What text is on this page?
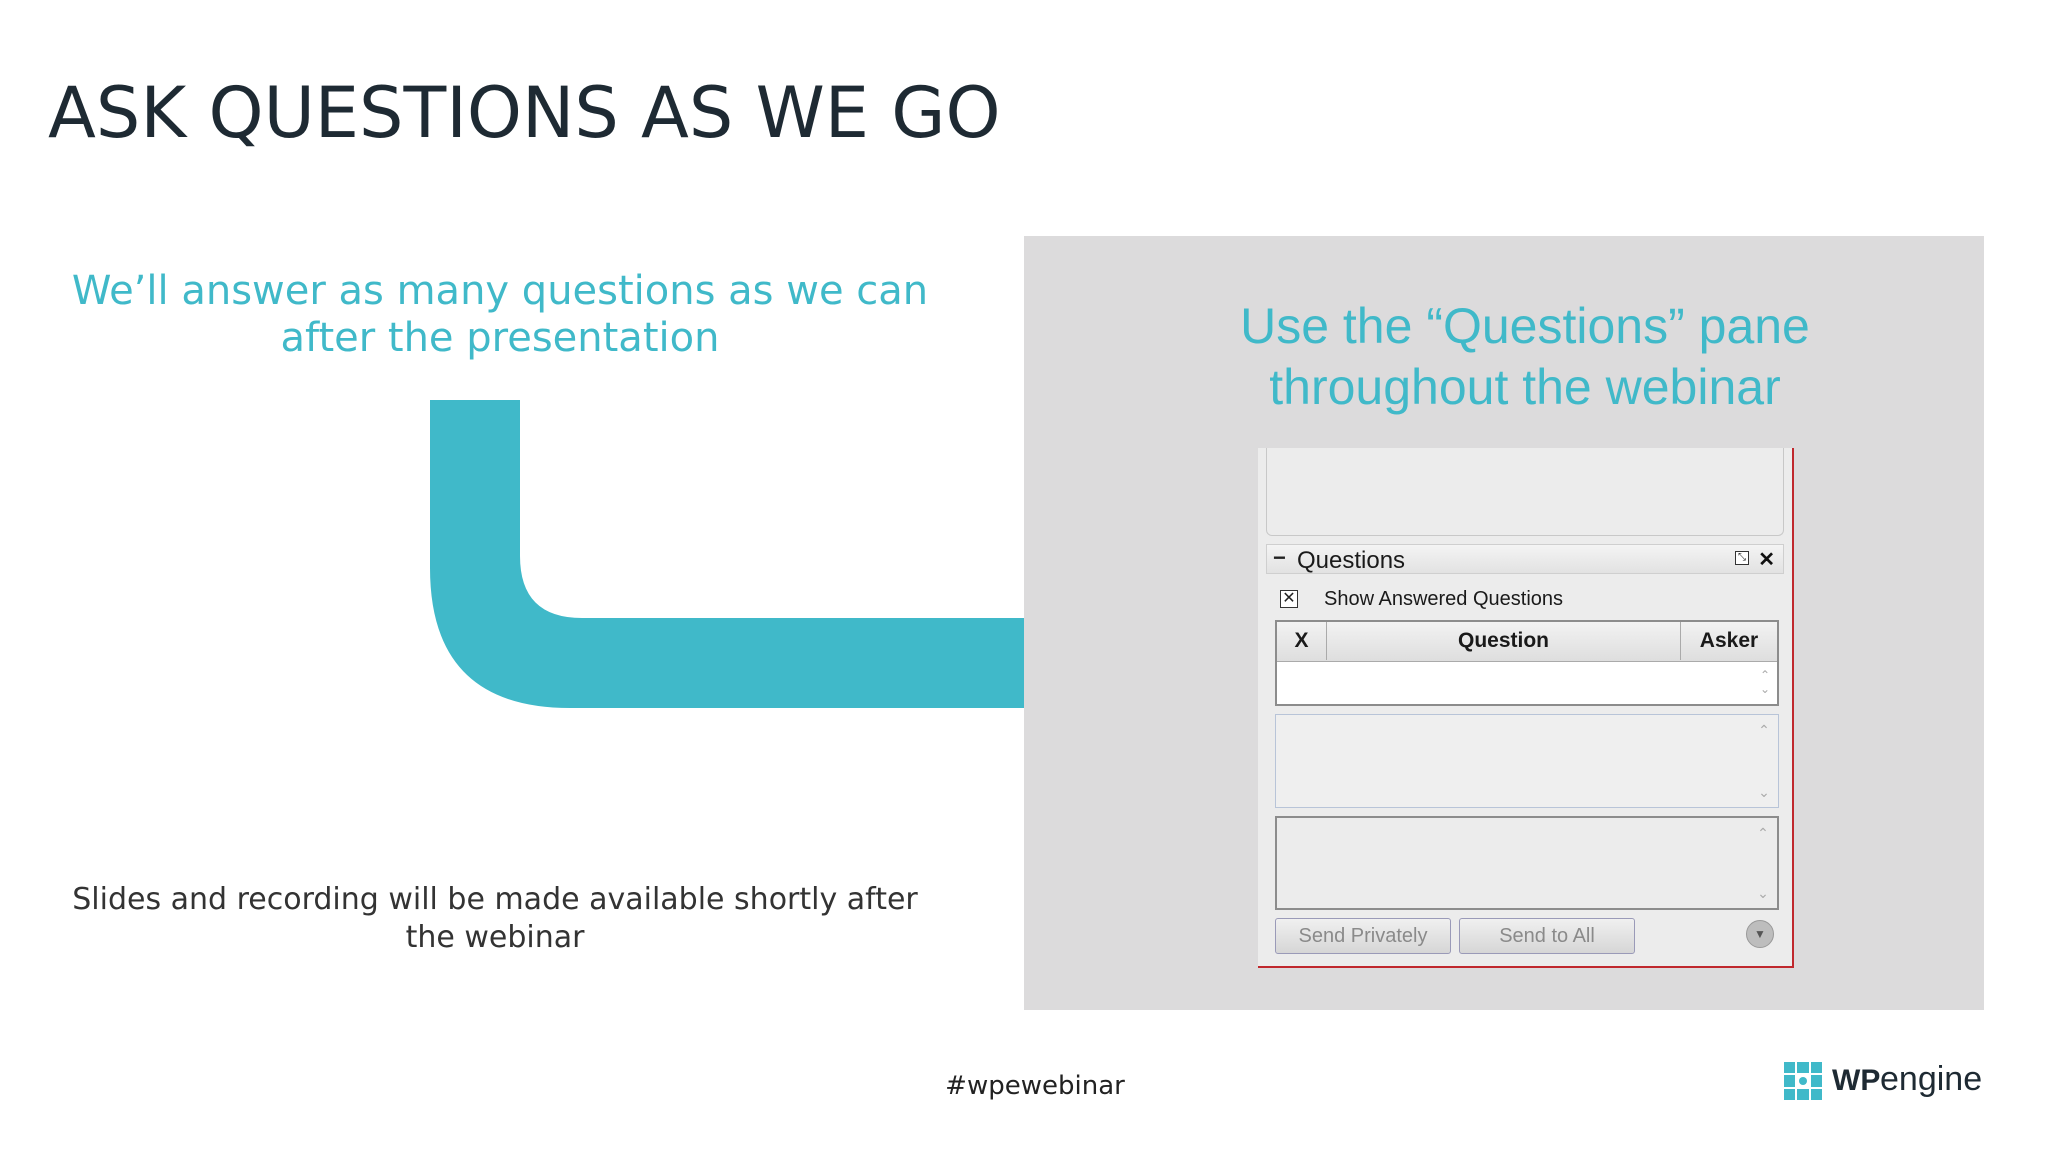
ASK QUESTIONS AS WE GO
We’ll answer as many questions as we can after the presentation
Slides and recording will be made available shortly after the webinar
Use the “Questions” pane throughout the webinar
− Questions	⤡ ✕
✕ Show Answered Questions
X	Question	Asker
⌃
⌄
⌃
⌄
⌃
⌄
Send Privately	Send to All	▼
#wpewebinar	WP engine
